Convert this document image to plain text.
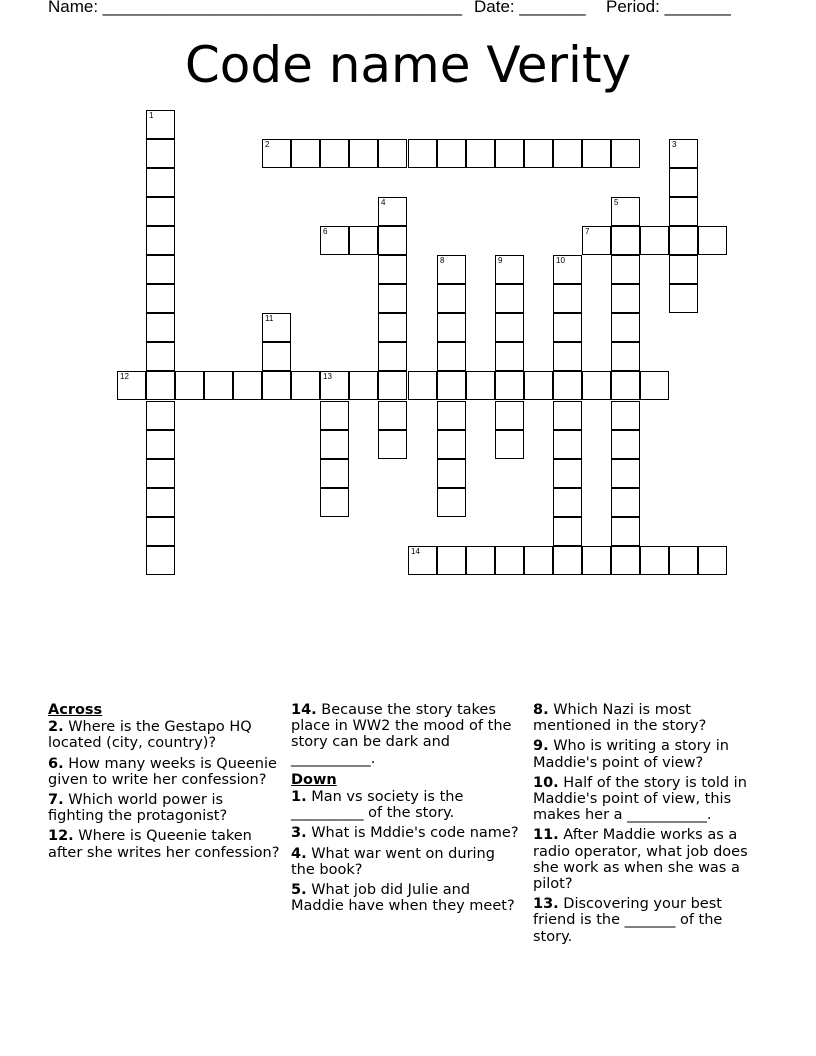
Name: ______________________________________ Date: _______ Period: _______
Code name Verity
1
2	3
4	5
6	7
8	9	10
11
12	13
14
Across
2. Where is the Gestapo HQ located (city, country)?
6. How many weeks is Queenie given to write her confession?
7. Which world power is fighting the protagonist?
12. Where is Queenie taken after she writes her confession?
14. Because the story takes place in WW2 the mood of the story can be dark and ___________.
Down
1. Man vs society is the __________ of the story.
3. What is Mddie's code name?
4. What war went on during the book?
5. What job did Julie and Maddie have when they meet?
8. Which Nazi is most mentioned in the story?
9. Who is writing a story in Maddie's point of view?
10. Half of the story is told in Maddie's point of view, this makes her a ___________.
11. After Maddie works as a radio operator, what job does she work as when she was a pilot?
13. Discovering your best friend is the _______ of the story.
